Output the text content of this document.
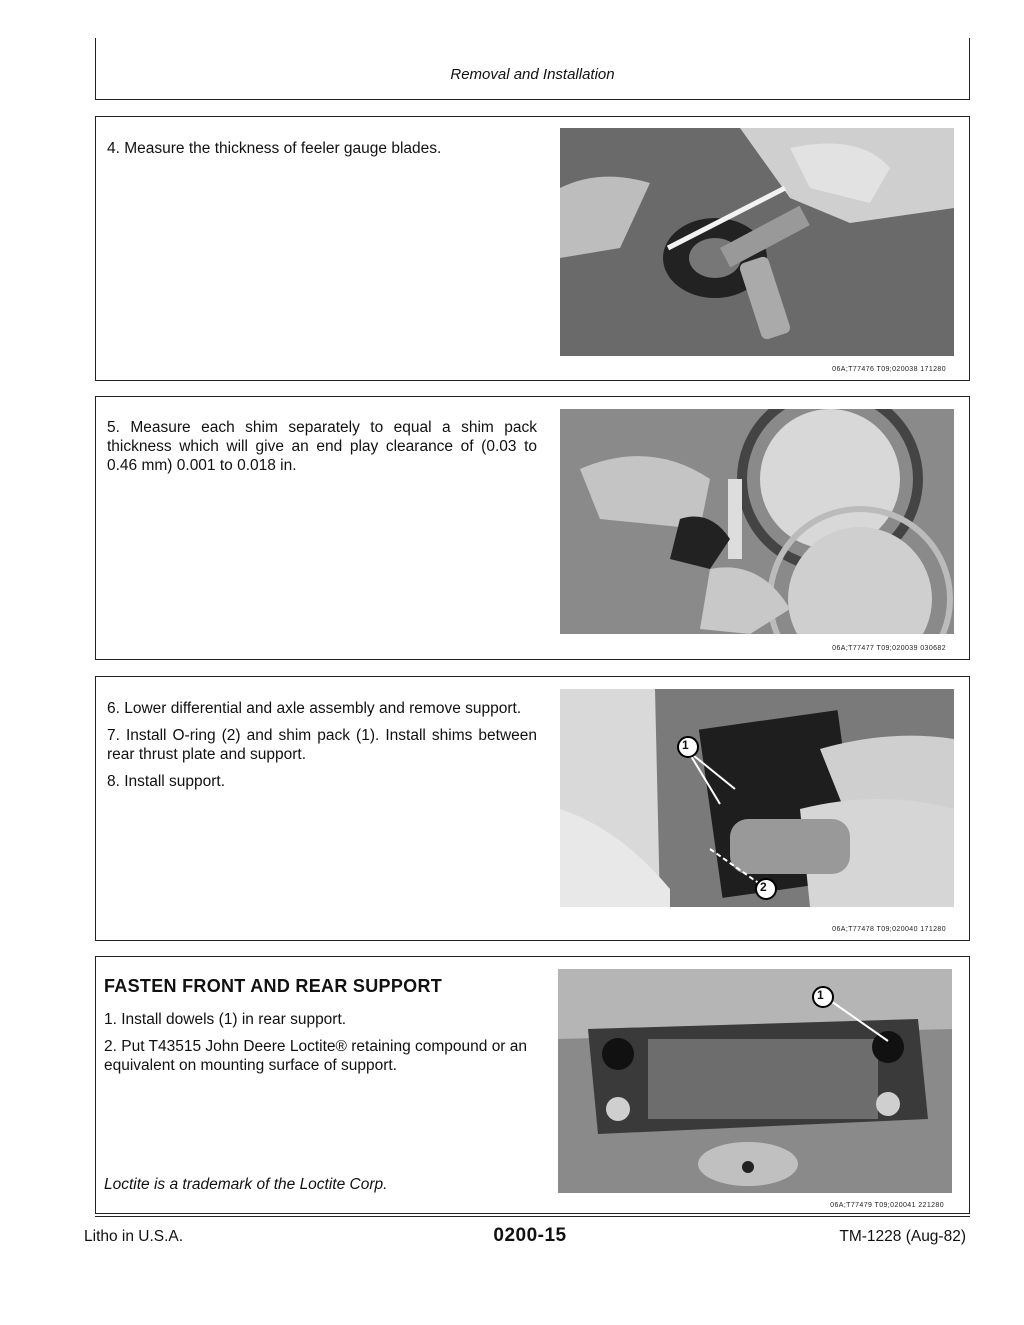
Removal and Installation

4. Measure the thickness of feeler gauge blades.

06A;T77476 T09;020038 171280

5. Measure each shim separately to equal a shim pack thickness which will give an end play clearance of (0.03 to 0.46 mm) 0.001 to 0.018 in.

06A;T77477 T09;020039 030682

6. Lower differential and axle assembly and remove support.

7. Install O-ring (2) and shim pack (1). Install shims between rear thrust plate and support.

8. Install support.

1
2
06A;T77478 T09;020040 171280
FASTEN FRONT AND REAR SUPPORT

1. Install dowels (1) in rear support.

2. Put T43515 John Deere Loctite® retaining compound or an equivalent on mounting surface of support.

Loctite is a trademark of the Loctite Corp.
1
06A;T77479 T09;020041 221280
Litho in U.S.A.	0200-15	TM-1228 (Aug-82)
